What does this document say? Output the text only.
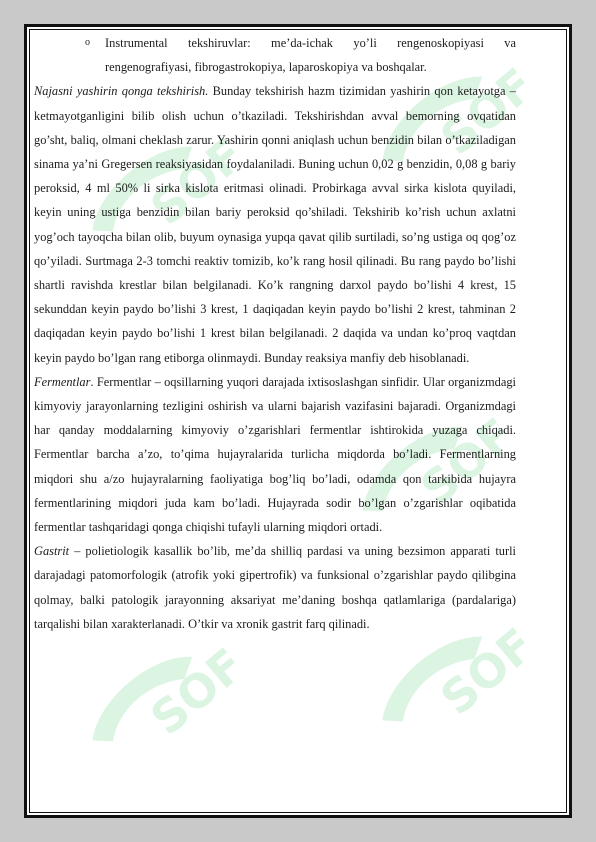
o Instrumental tekshiruvlar: me’da-ichak yo’li rengenoskopiyasi va rengenografiyasi, fibrogastrokopiya, laparoskopiya va boshqalar.

Najasni yashirin qonga tekshirish. Bunday tekshirish hazm tizimidan yashirin qon ketayotga – ketmayotganligini bilib olish uchun o’tkaziladi. Tekshirishdan avval bemorning ovqatidan go’sht, baliq, olmani cheklash zarur. Yashirin qonni aniqlash uchun benzidin bilan o’tkaziladigan sinama ya’ni Gregersen reaksiyasidan foydalaniladi. Buning uchun 0,02 g benzidin, 0,08 g bariy peroksid, 4 ml 50% li sirka kislota eritmasi olinadi. Probirkaga avval sirka kislota quyiladi, keyin uning ustiga benzidin bilan bariy peroksid qo’shiladi. Tekshirib ko’rish uchun axlatni yog’och tayoqcha bilan olib, buyum oynasiga yupqa qavat qilib surtiladi, so’ng ustiga oq qog’oz qo’yiladi. Surtmaga 2-3 tomchi reaktiv tomizib, ko’k rang hosil qilinadi. Bu rang paydo bo’lishi shartli ravishda krestlar bilan belgilanadi. Ko’k rangning darxol paydo bo’lishi 4 krest, 15 sekunddan keyin paydo bo’lishi 3 krest, 1 daqiqadan keyin paydo bo’lishi 2 krest, tahminan 2 daqiqadan keyin paydo bo’lishi 1 krest bilan belgilanadi. 2 daqida va undan ko’proq vaqtdan keyin paydo bo’lgan rang etiborga olinmaydi. Bunday reaksiya manfiy deb hisoblanadi.

Fermentlar. Fermentlar – oqsillarning yuqori darajada ixtisoslashgan sinfidir. Ular organizmdagi kimyoviy jarayonlarning tezligini oshirish va ularni bajarish vazifasini bajaradi. Organizmdagi har qanday moddalarning kimyoviy o’zgarishlari fermentlar ishtirokida yuzaga chiqadi. Fermentlar barcha a’zo, to’qima hujayralarida turlicha miqdorda bo’ladi. Fermentlarning miqdori shu a/zo hujayralarning faoliyatiga bog’liq bo’ladi, odamda qon tarkibida hujayra fermentlarining miqdori juda kam bo’ladi. Hujayrada sodir bo’lgan o’zgarishlar oqibatida fermentlar tashqaridagi qonga chiqishi tufayli ularning miqdori ortadi.

Gastrit – polietiologik kasallik bo’lib, me’da shilliq pardasi va uning bezsimon apparati turli darajadagi patomorfologik (atrofik yoki gipertrofik) va funksional o’zgarishlar paydo qilibgina qolmay, balki patologik jarayonning aksariyat me’daning boshqa qatlamlariga (pardalariga) tarqalishi bilan xarakterlanadi. O’tkir va xronik gastrit farq qilinadi.
